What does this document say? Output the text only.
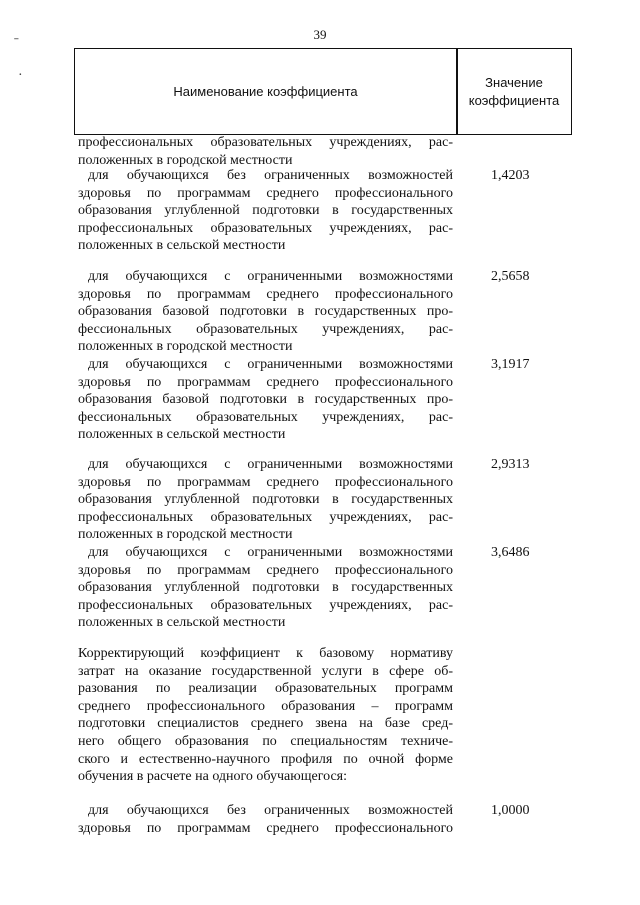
39
ˉ
·
Наименование коэффициента
Значение
коэффициента
профессиональных образовательных учреждениях, рас-
положенных в городской местности
для обучающихся без ограниченных возможностей
здоровья по программам среднего профессионального
образования углубленной подготовки в государственных
профессиональных образовательных учреждениях, рас-
положенных в сельской местности
1,4203
для обучающихся с ограниченными возможностями
здоровья по программам среднего профессионального
образования базовой подготовки в государственных про-
фессиональных образовательных учреждениях, рас-
положенных в городской местности
2,5658
для обучающихся с ограниченными возможностями
здоровья по программам среднего профессионального
образования базовой подготовки в государственных про-
фессиональных образовательных учреждениях, рас-
положенных в сельской местности
3,1917
для обучающихся с ограниченными возможностями
здоровья по программам среднего профессионального
образования углубленной подготовки в государственных
профессиональных образовательных учреждениях, рас-
положенных в городской местности
2,9313
для обучающихся с ограниченными возможностями
здоровья по программам среднего профессионального
образования углубленной подготовки в государственных
профессиональных образовательных учреждениях, рас-
положенных в сельской местности
3,6486
Корректирующий коэффициент к базовому нормативу
затрат на оказание государственной услуги в сфере об-
разования по реализации образовательных программ
среднего профессионального образования – программ
подготовки специалистов среднего звена на базе сред-
него общего образования по специальностям техниче-
ского и естественно-научного профиля по очной форме
обучения в расчете на одного обучающегося:
для обучающихся без ограниченных возможностей
здоровья по программам среднего профессионального
1,0000
